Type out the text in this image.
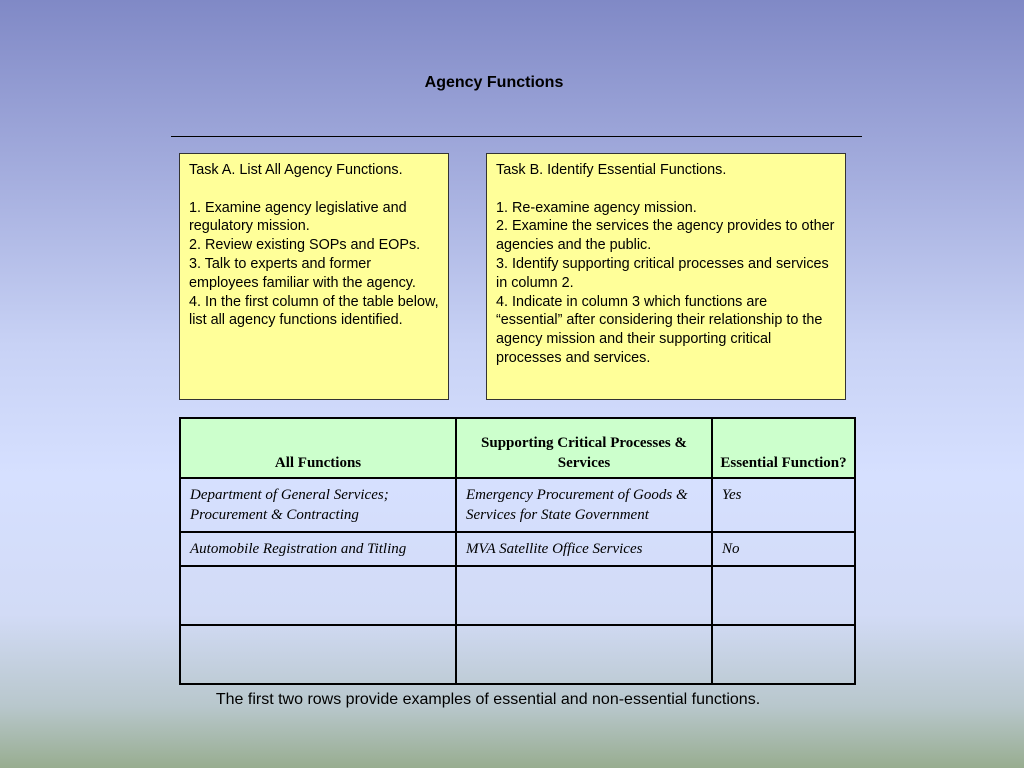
Agency Functions
Task A. List All Agency Functions.

1. Examine agency legislative and regulatory mission.

2. Review existing SOPs and EOPs.

3. Talk to experts and former employees familiar with the agency.

4. In the first column of the table below, list all agency functions identified.

Task B. Identify Essential Functions.

1. Re-examine agency mission.

2. Examine the services the agency provides to other agencies and the public.

3. Identify supporting critical processes and services in column 2.

4. Indicate in column 3 which functions are “essential” after considering their relationship to the agency mission and their supporting critical processes and services.

All Functions	Supporting Critical Processes & Services	Essential Function?
Department of General Services; Procurement & Contracting	Emergency Procurement of Goods & Services for State Government	Yes
Automobile Registration and Titling	MVA Satellite Office Services	No

The first two rows provide examples of essential and non-essential functions.
